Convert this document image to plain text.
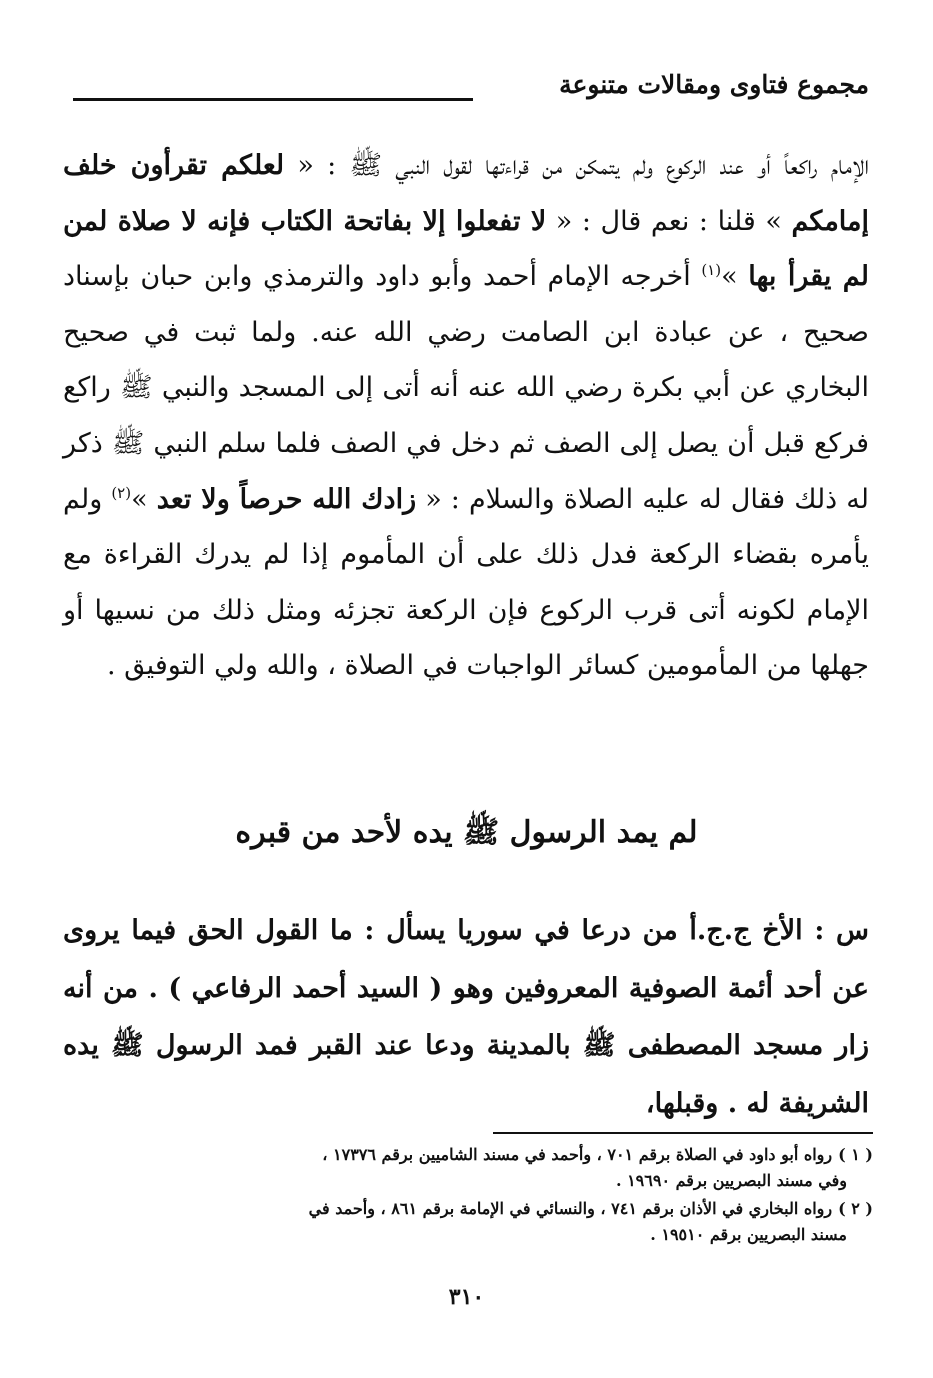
مجموع فتاوى ومقالات متنوعة

الإمام راكعاً أو عند الركوع ولم يتمكن من قراءتها لقول النبي ﷺ : « لعلكم تقرأون خلف إمامكم » قلنا : نعم قال : « لا تفعلوا إلا بفاتحة الكتاب فإنه لا صلاة لمن لم يقرأ بها »$^{(١)}$ أخرجه الإمام أحمد وأبو داود والترمذي وابن حبان بإسناد صحيح ، عن عبادة ابن الصامت رضي الله عنه. ولما ثبت في صحيح البخاري عن أبي بكرة رضي الله عنه أنه أتى إلى المسجد والنبي ﷺ راكع فركع قبل أن يصل إلى الصف ثم دخل في الصف فلما سلم النبي ﷺ ذكر له ذلك فقال له عليه الصلاة والسلام : « زادك الله حرصاً ولا تعد »$^{(٢)}$ ولم يأمره بقضاء الركعة فدل ذلك على أن المأموم إذا لم يدرك القراءة مع الإمام لكونه أتى قرب الركوع فإن الركعة تجزئه ومثل ذلك من نسيها أو جهلها من المأمومين كسائر الواجبات في الصلاة ، والله ولي التوفيق .

لم يمد الرسول ﷺ يده لأحد من قبره

س : الأخ ج.ج.أ من درعا في سوريا يسأل : ما القول الحق فيما يروى عن أحد أئمة الصوفية المعروفين وهو ( السيد أحمد الرفاعي ) . من أنه زار مسجد المصطفى ﷺ بالمدينة ودعا عند القبر فمد الرسول ﷺ يده الشريفة له . وقبلها،

( ١ )رواه أبو داود في الصلاة برقم ٧٠١ ، وأحمد في مسند الشاميين برقم ١٧٣٧٦ ،
وفي مسند البصريين برقم ١٩٦٩٠ .
( ٢ )رواه البخاري في الأذان برقم ٧٤١ ، والنسائي في الإمامة برقم ٨٦١ ، وأحمد في
مسند البصريين برقم ١٩٥١٠ .
٣١٠
